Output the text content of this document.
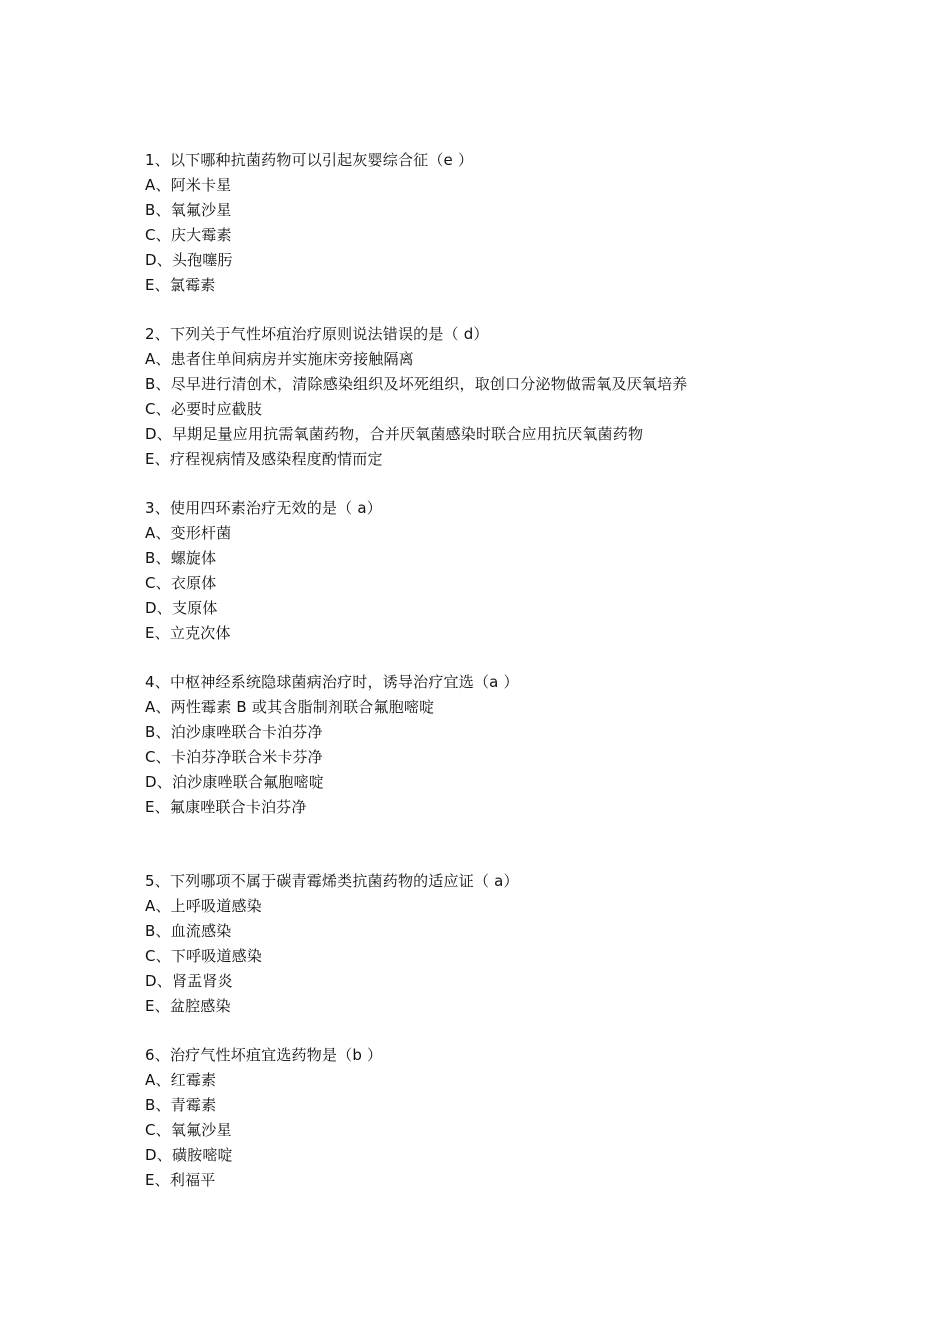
1、以下哪种抗菌药物可以引起灰婴综合征（e ）
A、阿米卡星
B、氧氟沙星
C、庆大霉素
D、头孢噻肟
E、氯霉素
2、下列关于气性坏疽治疗原则说法错误的是（ d）
A、患者住单间病房并实施床旁接触隔离
B、尽早进行清创术，清除感染组织及坏死组织，取创口分泌物做需氧及厌氧培养
C、必要时应截肢
D、早期足量应用抗需氧菌药物，合并厌氧菌感染时联合应用抗厌氧菌药物
E、疗程视病情及感染程度酌情而定
3、使用四环素治疗无效的是（ a）
A、变形杆菌
B、螺旋体
C、衣原体
D、支原体
E、立克次体
4、中枢神经系统隐球菌病治疗时，诱导治疗宜选（a ）
A、两性霉素 B 或其含脂制剂联合氟胞嘧啶
B、泊沙康唑联合卡泊芬净
C、卡泊芬净联合米卡芬净
D、泊沙康唑联合氟胞嘧啶
E、氟康唑联合卡泊芬净
5、下列哪项不属于碳青霉烯类抗菌药物的适应证（ a）
A、上呼吸道感染
B、血流感染
C、下呼吸道感染
D、肾盂肾炎
E、盆腔感染
6、治疗气性坏疽宜选药物是（b ）
A、红霉素
B、青霉素
C、氧氟沙星
D、磺胺嘧啶
E、利福平
